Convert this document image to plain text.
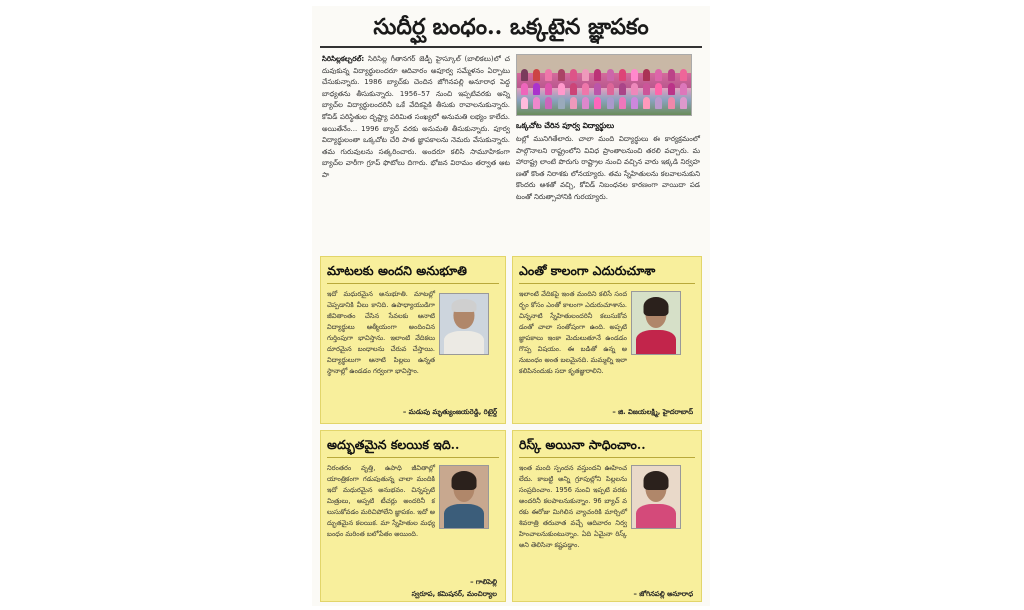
సుదీర్ఘ బంధం.. ఒక్కటైన జ్ఞాపకం
సిరిసిల్లకల్చరల్‌: సిరిసిల్ల గీతానగర్‌ జెడ్పీ హైస్కూల్‌ (బాలికలు)లో చదువుకున్న విద్యార్థులందరూ ఆదివారం అపూర్వ సమ్మేళనం ఏర్పాటు చేసుకున్నారు. 1986 బ్యాచ్‌కు చెందిన జోగినపల్లి అనూరాధ పెద్ద బాధ్యతను తీసుకున్నారు. 1956–57 నుంచి ఇప్పటివరకు అన్ని బ్యాచ్‌ల విద్యార్థులందరినీ ఒకే వేదికపైకి తీసుకు రావాలనుకున్నారు. కోవిడ్‌ పరిస్థితుల దృష్ట్యా పరిమిత సంఖ్యలో అనుమతి లభ్యం కాలేదు. అయితేనేం... 1996 బ్యాచ్‌ వరకు అనుమతి తీసుకున్నారు. పూర్వ విద్యార్థులంతా ఒక్కచోట చేరి పాత జ్ఞాపకాలను నెమరు వేసుకున్నారు. తమ గురువులను సత్కరించారు. అందరూ కలిసి సామూహికంగా బ్యాచ్‌ల వారీగా గ్రూప్‌ ఫొటోలు దిగారు. భోజన విరామం తర్వాత ఆటపా
ఒక్కచోట చేరిన పూర్వ విద్యార్థులు
టల్లో మునిగితేలారు. చాలా మంది విద్యార్థులు ఈ కార్యక్రమంలో పాల్గొనాలని రాష్ట్రంలోని వివిధ ప్రాంతాలనుంచి తరలి వచ్చారు. మహారాష్ట్ర లాంటి పొరుగు రాష్ట్రాల నుంచి వచ్చిన వారు ఇక్కడి నిర్వహణతో కొంత నిరాశకు లోనయ్యారు. తమ స్నేహితులను కలవాలనుకుని కొందరు ఆశతో వచ్చి, కోవిడ్‌ నిబంధనల కారణంగా వాయిదా పడటంతో నిరుత్సాహానికి గురయ్యారు.
మాటలకు అందని అనుభూతి
ఇదో మధురమైన అనుభూతి. మాటల్లో చెప్పడానికి వీలు కానిది. ఉపాధ్యాయుడిగా జీవితాంతం చేసిన సేవలకు ఆనాటి విద్యార్థులు ఆత్మీయంగా అందించిన గుర్తింపుగా భావిస్తాను. ఇలాంటి వేదికలు దూరమైన బంధాలను చేరువ చేస్తాయి. విద్యార్థులుగా ఆనాటి పిల్లలు ఉన్నత స్థానాల్లో ఉండడం గర్వంగా భావిస్తాం.
– మడుపు మృత్యుంజయరెడ్డి, రిటైర్డ్‌
ఎంతో కాలంగా ఎదురుచూశా
ఇలాంటి వేదికపై ఇంత మందిని కలిసే సందర్భం కోసం ఎంతో కాలంగా ఎదురుచూశాను. చిన్ననాటి స్నేహితులందరినీ కలుసుకోవడంతో చాలా సంతోషంగా ఉంది. అప్పటి జ్ఞాపకాలు ఇంకా మెదులుతూనే ఉండడం గొప్ప విషయం. ఈ బడితో ఉన్న అనుబంధం అంత బలమైనది. మమ్మల్ని ఇలా కలిపినందుకు సదా కృతజ్ఞురాలిని.
– జి. విజయలక్ష్మి, హైదరాబాద్‌
అద్భుతమైన కలయిక ఇది..
నిరంతరం వృత్తి, ఉపాధి జీవితాల్లో యాంత్రికంగా గడుపుతున్న చాలా మందికి ఇదో మధురమైన అనుభవం. చిన్నప్పటి మిత్రులు, అప్పటి టీచర్లు అందరినీ కలుసుకోవడం మరిచిపోలేని జ్ఞాపకం. ఇదో అద్భుతమైన కలయిక. మా స్నేహితుల మధ్య బంధం మరింత బలోపేతం అయింది.
– గాలిపెల్లి
స్వరూప, కమిషనర్‌, మంచిర్యాల
రిస్క్‌ అయినా సాధించాం..
ఇంత మంది స్పందన వస్తుందని ఊహించలేదు. కాబట్టి అన్ని గ్రూపుల్లోని పిల్లలను సంప్రదించాం. 1956 నుంచి ఇప్పటి వరకు అందరినీ కలపాలనుకున్నాం. 96 బ్యాచ్‌ వరకు ఈరోజు మిగిలిన వ్యాచంరికి మార్చిలో శివరాత్రి తరువాత వచ్చే ఆదివారం నిర్వహించాలనుకుంటున్నాం. ఏది ఏమైనా రిస్క్‌ అని తెలిసినా కష్టపడ్డాం.
– జోగినపల్లి అనూరాధ
